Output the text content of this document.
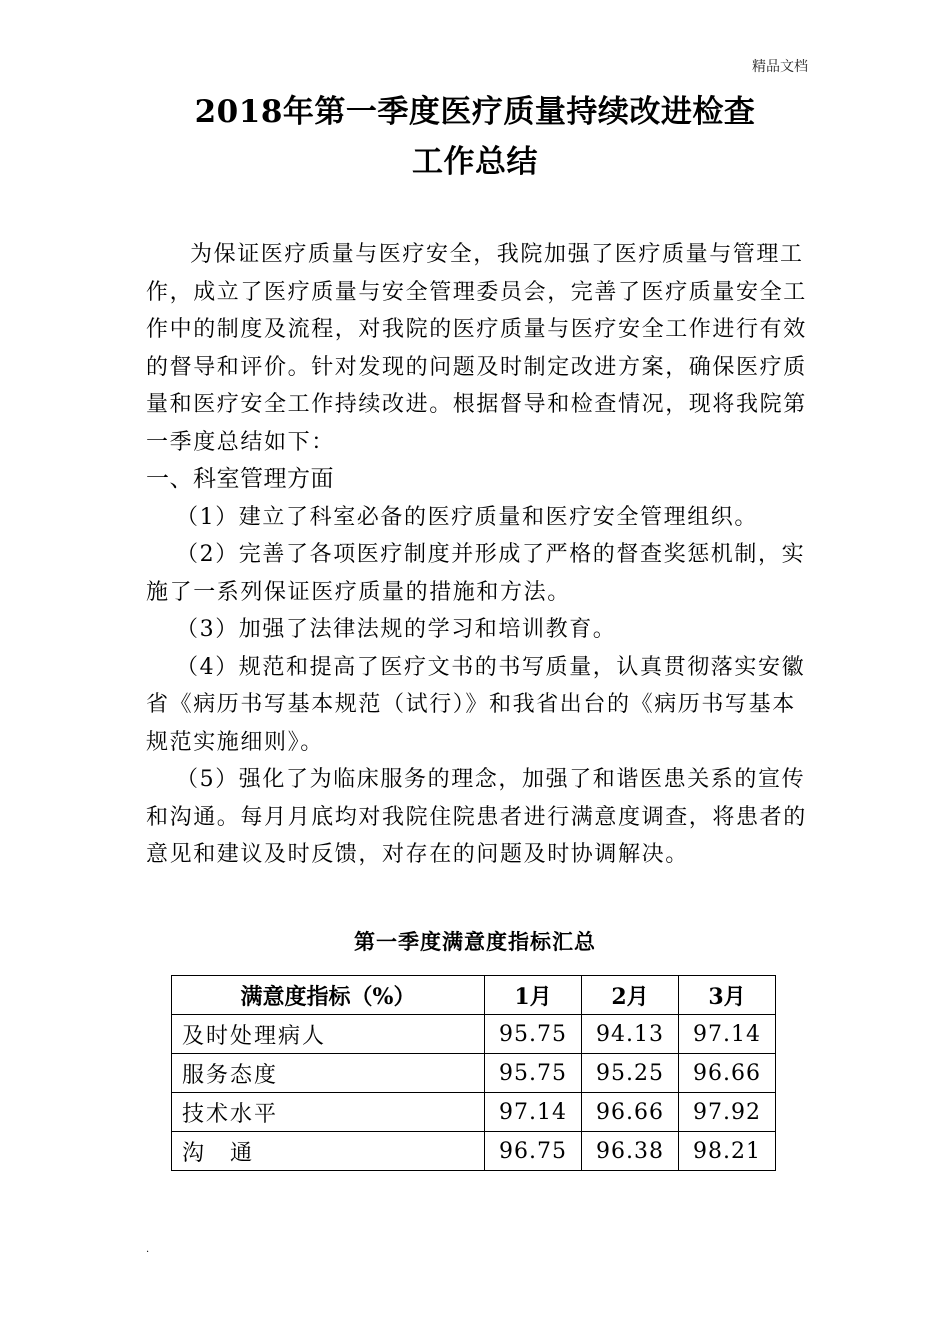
精品文档
2018年第一季度医疗质量持续改进检查
工作总结

为保证医疗质量与医疗安全，我院加强了医疗质量与管理工作，成立了医疗质量与安全管理委员会，完善了医疗质量安全工作中的制度及流程，对我院的医疗质量与医疗安全工作进行有效的督导和评价。针对发现的问题及时制定改进方案，确保医疗质量和医疗安全工作持续改进。根据督导和检查情况，现将我院第一季度总结如下：

一、科室管理方面

（1）建立了科室必备的医疗质量和医疗安全管理组织。

（2）完善了各项医疗制度并形成了严格的督查奖惩机制，实施了一系列保证医疗质量的措施和方法。

（3）加强了法律法规的学习和培训教育。

（4）规范和提高了医疗文书的书写质量，认真贯彻落实安徽省《病历书写基本规范（试行）》和我省出台的《病历书写基本规范实施细则》。

（5）强化了为临床服务的理念，加强了和谐医患关系的宣传和沟通。每月月底均对我院住院患者进行满意度调查，将患者的意见和建议及时反馈，对存在的问题及时协调解决。

第一季度满意度指标汇总
满意度指标（%）	1月	2月	3月
及时处理病人	95.75	94.13	97.14
服务态度	95.75	95.25	96.66
技术水平	97.14	96.66	97.92
沟　通	96.75	96.38	98.21
.
